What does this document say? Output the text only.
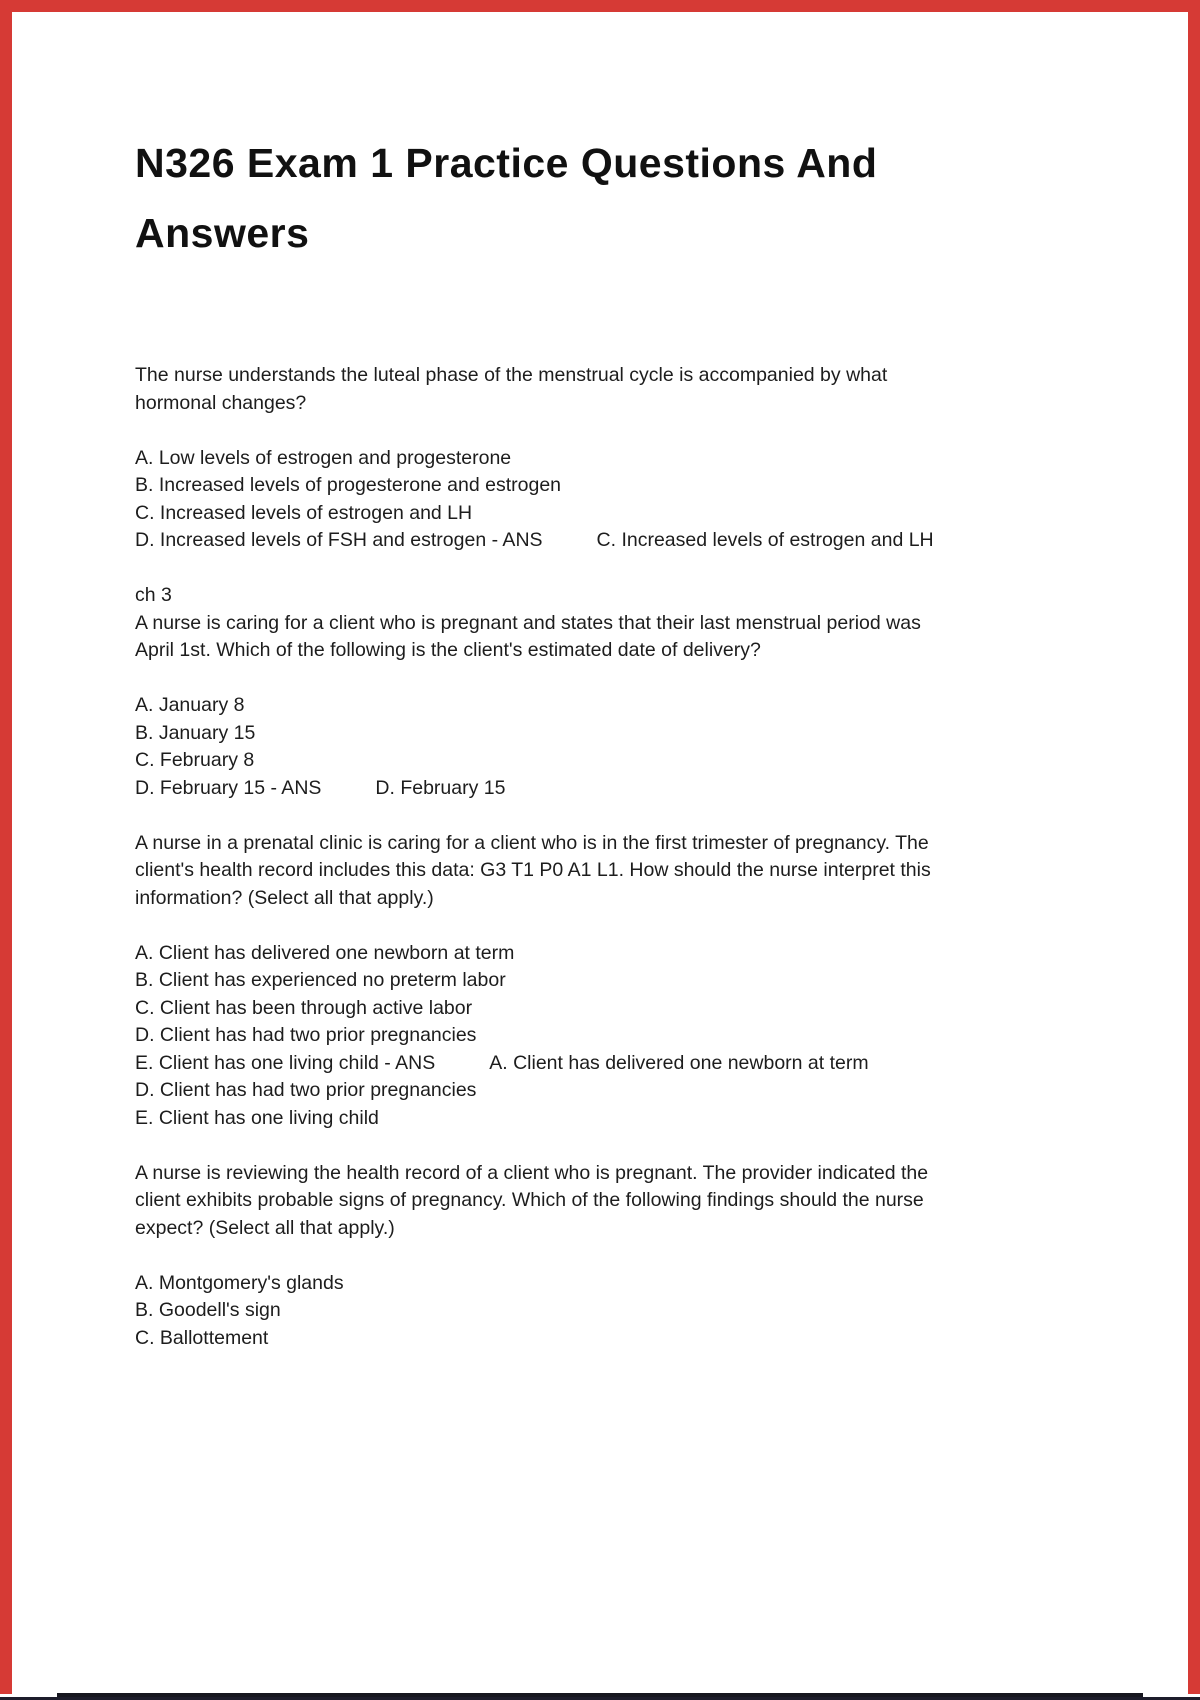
N326 Exam 1 Practice Questions And
Answers
The nurse understands the luteal phase of the menstrual cycle is accompanied by what
hormonal changes?
A. Low levels of estrogen and progesterone
B. Increased levels of progesterone and estrogen
C. Increased levels of estrogen and LH
D. Increased levels of FSH and estrogen - ANS	C. Increased levels of estrogen and LH
ch 3
A nurse is caring for a client who is pregnant and states that their last menstrual period was
April 1st. Which of the following is the client's estimated date of delivery?
A. January 8
B. January 15
C. February 8
D. February 15 - ANS	D. February 15
A nurse in a prenatal clinic is caring for a client who is in the first trimester of pregnancy. The
client's health record includes this data: G3 T1 P0 A1 L1. How should the nurse interpret this
information? (Select all that apply.)
A. Client has delivered one newborn at term
B. Client has experienced no preterm labor
C. Client has been through active labor
D. Client has had two prior pregnancies
E. Client has one living child - ANS	A. Client has delivered one newborn at term
D. Client has had two prior pregnancies
E. Client has one living child
A nurse is reviewing the health record of a client who is pregnant. The provider indicated the
client exhibits probable signs of pregnancy. Which of the following findings should the nurse
expect? (Select all that apply.)
A. Montgomery's glands
B. Goodell's sign
C. Ballottement
